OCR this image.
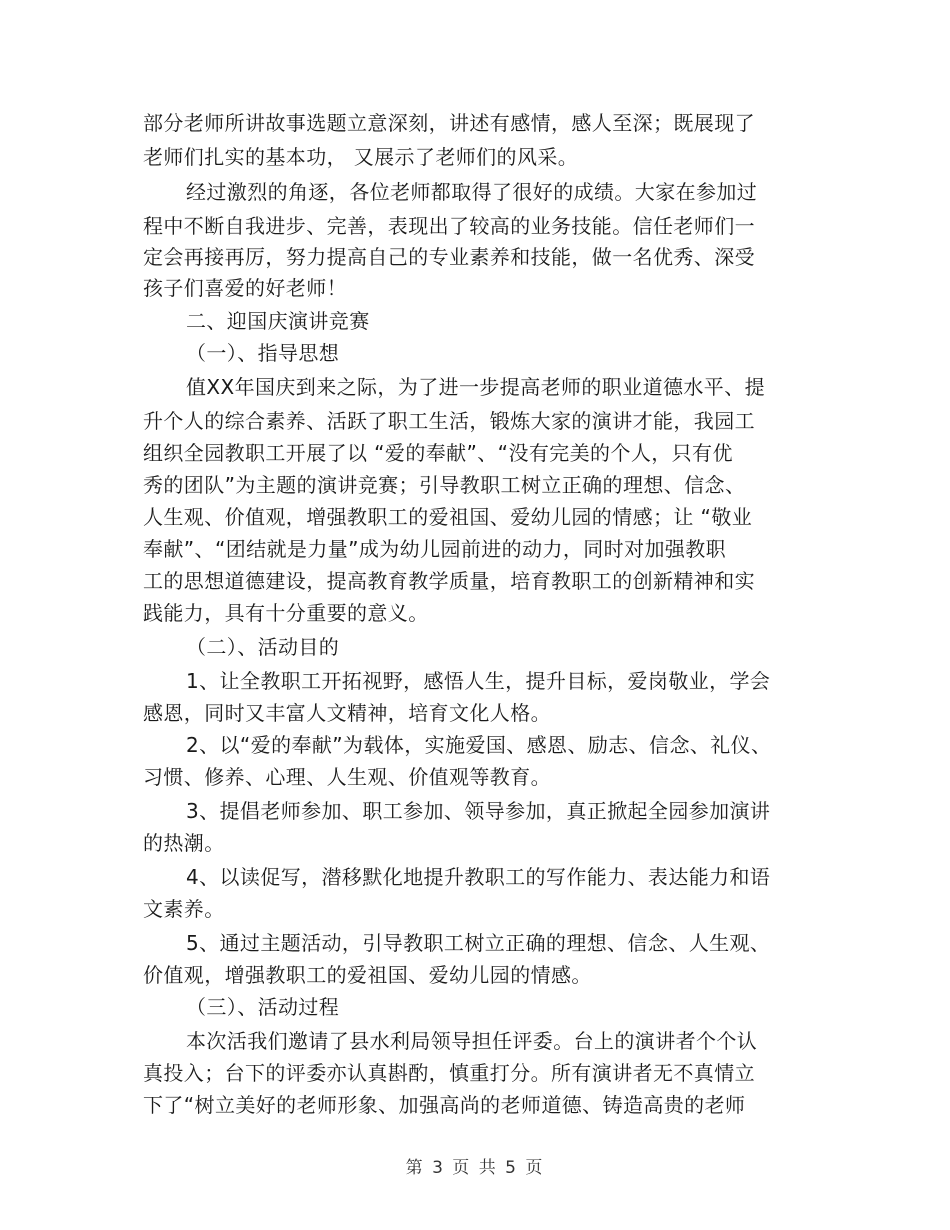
部分老师所讲故事选题立意深刻，讲述有感情，感人至深；既展现了
老师们扎实的基本功， 又展示了老师们的风采。
经过激烈的角逐，各位老师都取得了很好的成绩。大家在参加过
程中不断自我进步、完善，表现出了较高的业务技能。信任老师们一
定会再接再厉，努力提高自己的专业素养和技能，做一名优秀、深受
孩子们喜爱的好老师！
二、迎国庆演讲竞赛
（一）、指导思想
值XX年国庆到来之际，为了进一步提高老师的职业道德水平、提
升个人的综合素养、活跃了职工生活，锻炼大家的演讲才能，我园工
组织全园教职工开展了以 “爱的奉献”、“没有完美的个人，只有优
秀的团队”为主题的演讲竞赛；引导教职工树立正确的理想、信念、
人生观、价值观，增强教职工的爱祖国、爱幼儿园的情感；让 “敬业
奉献”、“团结就是力量”成为幼儿园前进的动力，同时对加强教职
工的思想道德建设，提高教育教学质量，培育教职工的创新精神和实
践能力，具有十分重要的意义。
（二）、活动目的
1、让全教职工开拓视野，感悟人生，提升目标，爱岗敬业，学会
感恩，同时又丰富人文精神，培育文化人格。
2、以“爱的奉献”为载体，实施爱国、感恩、励志、信念、礼仪、
习惯、修养、心理、人生观、价值观等教育。
3、提倡老师参加、职工参加、领导参加，真正掀起全园参加演讲
的热潮。
4、以读促写，潜移默化地提升教职工的写作能力、表达能力和语
文素养。
5、通过主题活动，引导教职工树立正确的理想、信念、人生观、
价值观，增强教职工的爱祖国、爱幼儿园的情感。
（三）、活动过程
本次活我们邀请了县水利局领导担任评委。台上的演讲者个个认
真投入；台下的评委亦认真斟酌，慎重打分。所有演讲者无不真情立
下了“树立美好的老师形象、加强高尚的老师道德、铸造高贵的老师
第 3 页 共 5 页
